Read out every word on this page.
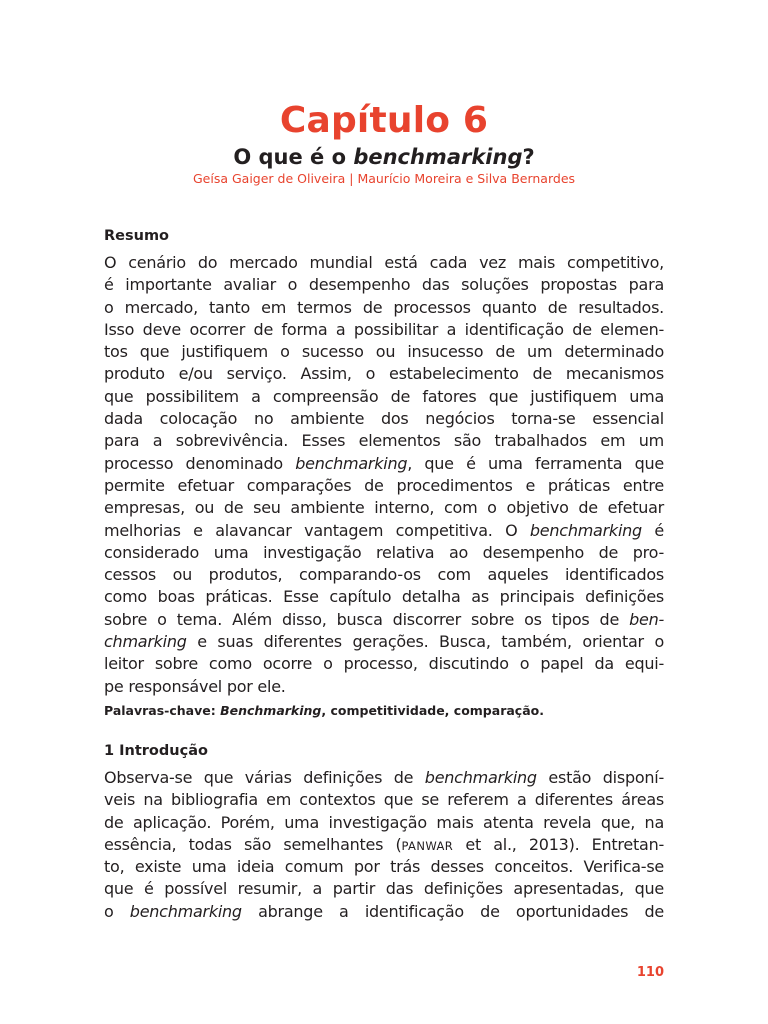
Capítulo 6
O que é o benchmarking?
Geísa Gaiger de Oliveira | Maurício Moreira e Silva Bernardes
Resumo
O cenário do mercado mundial está cada vez mais competitivo,
é importante avaliar o desempenho das soluções propostas para
o mercado, tanto em termos de processos quanto de resultados.
Isso deve ocorrer de forma a possibilitar a identificação de elemen-
tos que justifiquem o sucesso ou insucesso de um determinado
produto e/ou serviço. Assim, o estabelecimento de mecanismos
que possibilitem a compreensão de fatores que justifiquem uma
dada colocação no ambiente dos negócios torna-se essencial
para a sobrevivência. Esses elementos são trabalhados em um
processo denominado benchmarking, que é uma ferramenta que
permite efetuar comparações de procedimentos e práticas entre
empresas, ou de seu ambiente interno, com o objetivo de efetuar
melhorias e alavancar vantagem competitiva. O benchmarking é
considerado uma investigação relativa ao desempenho de pro-
cessos ou produtos, comparando-os com aqueles identificados
como boas práticas. Esse capítulo detalha as principais definições
sobre o tema. Além disso, busca discorrer sobre os tipos de ben-
chmarking e suas diferentes gerações. Busca, também, orientar o
leitor sobre como ocorre o processo, discutindo o papel da equi-
pe responsável por ele.
Palavras-chave: Benchmarking, competitividade, comparação.
1 Introdução
Observa-se que várias definições de benchmarking estão disponí-
veis na bibliografia em contextos que se referem a diferentes áreas
de aplicação. Porém, uma investigação mais atenta revela que, na
essência, todas são semelhantes (PANWAR et al., 2013). Entretan-
to, existe uma ideia comum por trás desses conceitos. Verifica-se
que é possível resumir, a partir das definições apresentadas, que
o benchmarking abrange a identificação de oportunidades de
110
